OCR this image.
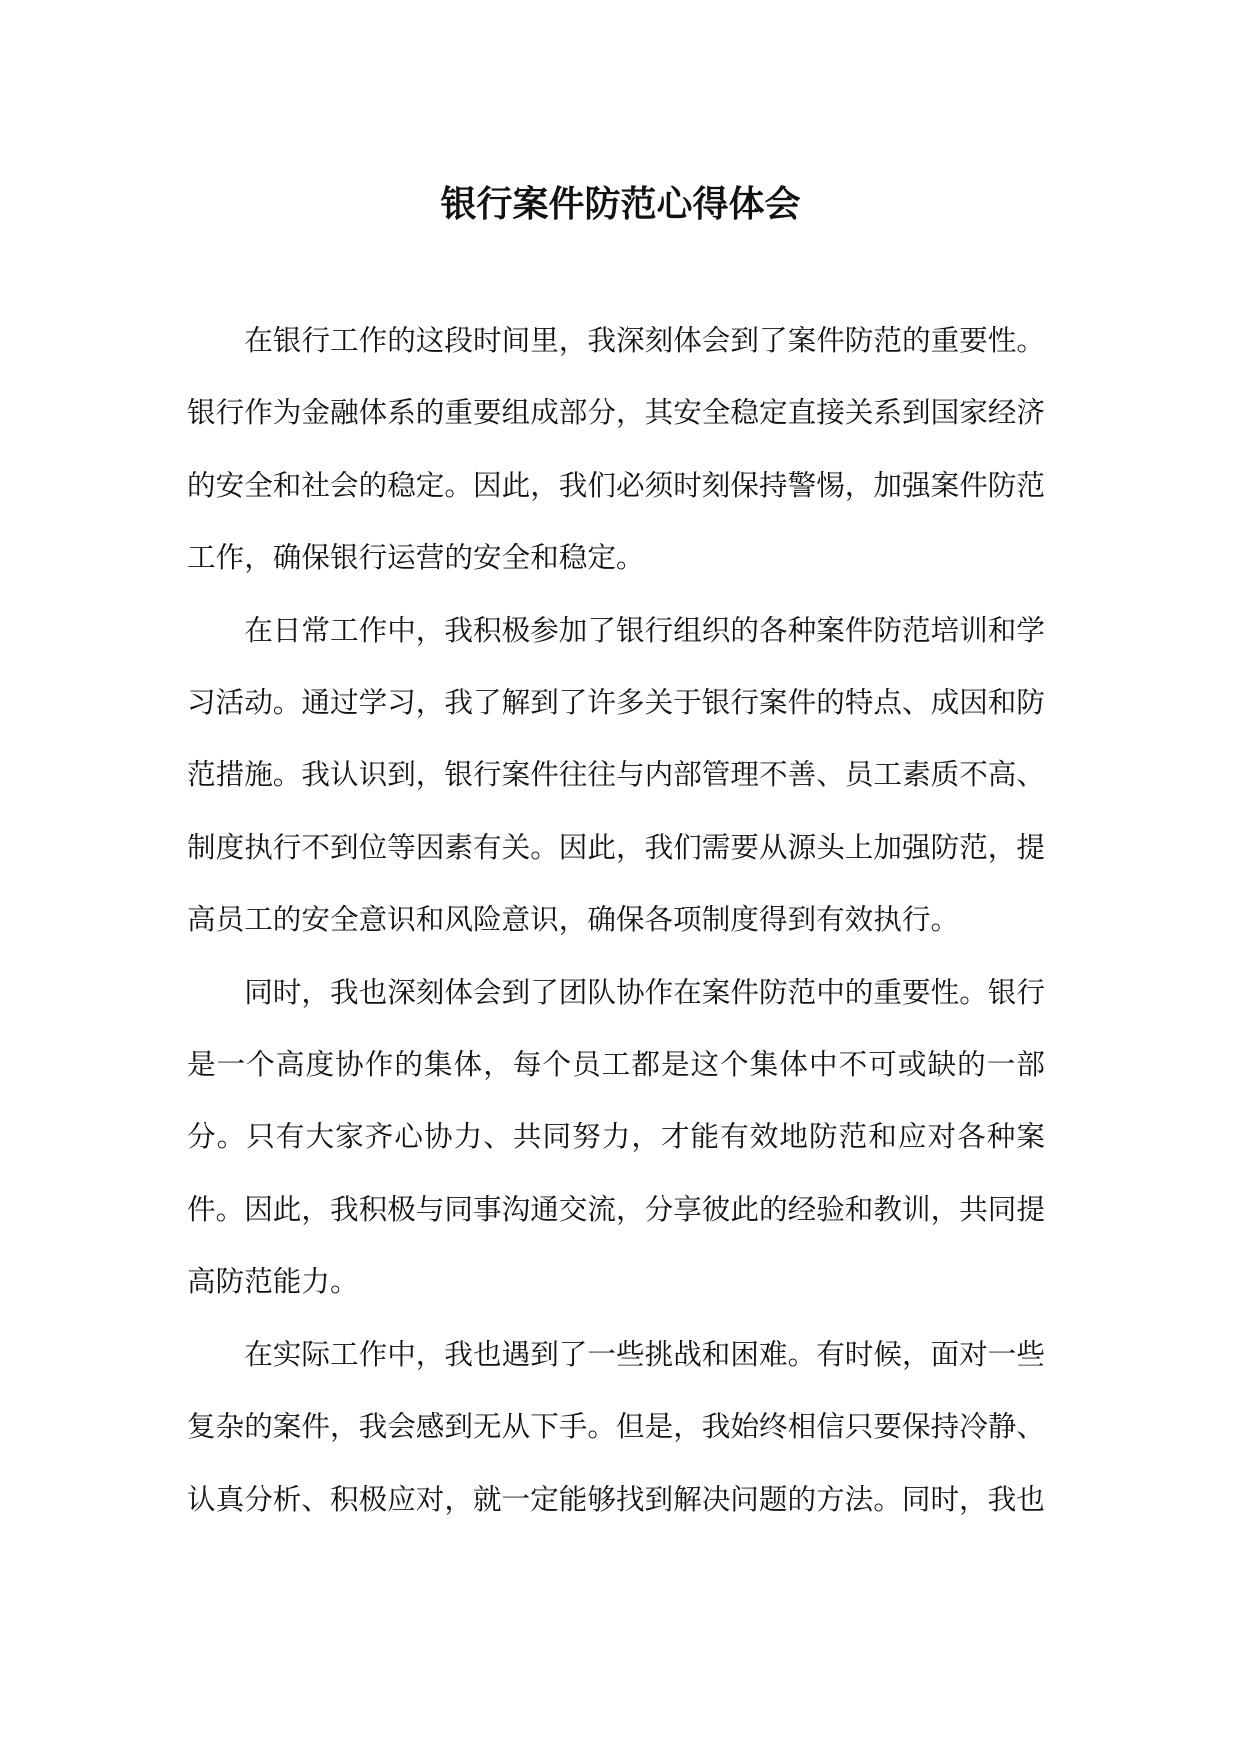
银行案件防范心得体会

在银行工作的这段时间里，我深刻体会到了案件防范的重要性。银行作为金融体系的重要组成部分，其安全稳定直接关系到国家经济的安全和社会的稳定。因此，我们必须时刻保持警惕，加强案件防范工作，确保银行运营的安全和稳定。

在日常工作中，我积极参加了银行组织的各种案件防范培训和学习活动。通过学习，我了解到了许多关于银行案件的特点、成因和防范措施。我认识到，银行案件往往与内部管理不善、员工素质不高、制度执行不到位等因素有关。因此，我们需要从源头上加强防范，提高员工的安全意识和风险意识，确保各项制度得到有效执行。

同时，我也深刻体会到了团队协作在案件防范中的重要性。银行是一个高度协作的集体，每个员工都是这个集体中不可或缺的一部分。只有大家齐心协力、共同努力，才能有效地防范和应对各种案件。因此，我积极与同事沟通交流，分享彼此的经验和教训，共同提高防范能力。

在实际工作中，我也遇到了一些挑战和困难。有时候，面对一些复杂的案件，我会感到无从下手。但是，我始终相信只要保持冷静、认真分析、积极应对，就一定能够找到解决问题的方法。同时，我也
